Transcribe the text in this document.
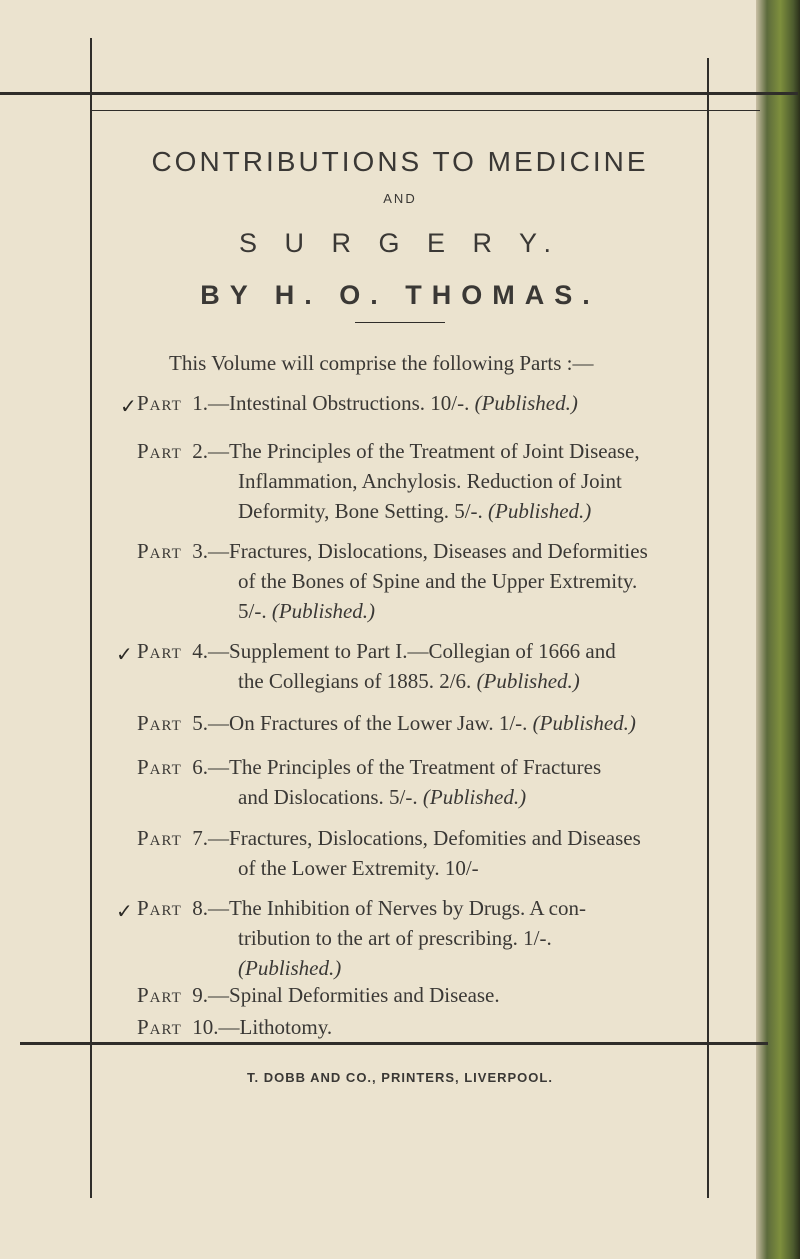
CONTRIBUTIONS TO MEDICINE
AND
S U R G E R Y.
BY H. O. THOMAS.
This Volume will comprise the following Parts :—
Part 1.—Intestinal Obstructions. 10/-. (Published.)
Part 2.—The Principles of the Treatment of Joint Disease,
Inflammation, Anchylosis. Reduction of Joint
Deformity, Bone Setting. 5/-. (Published.)
Part 3.—Fractures, Dislocations, Diseases and Deformities
of the Bones of Spine and the Upper Extremity.
5/-. (Published.)
Part 4.—Supplement to Part I.—Collegian of 1666 and
the Collegians of 1885. 2/6. (Published.)
Part 5.—On Fractures of the Lower Jaw. 1/-. (Published.)
Part 6.—The Principles of the Treatment of Fractures
and Dislocations. 5/-. (Published.)
Part 7.—Fractures, Dislocations, Defomities and Diseases
of the Lower Extremity. 10/-
Part 8.—The Inhibition of Nerves by Drugs. A con-
tribution to the art of prescribing. 1/-.
(Published.)
Part 9.—Spinal Deformities and Disease.
Part 10.—Lithotomy.
✓
✓
✓
T. DOBB AND CO., PRINTERS, LIVERPOOL.
